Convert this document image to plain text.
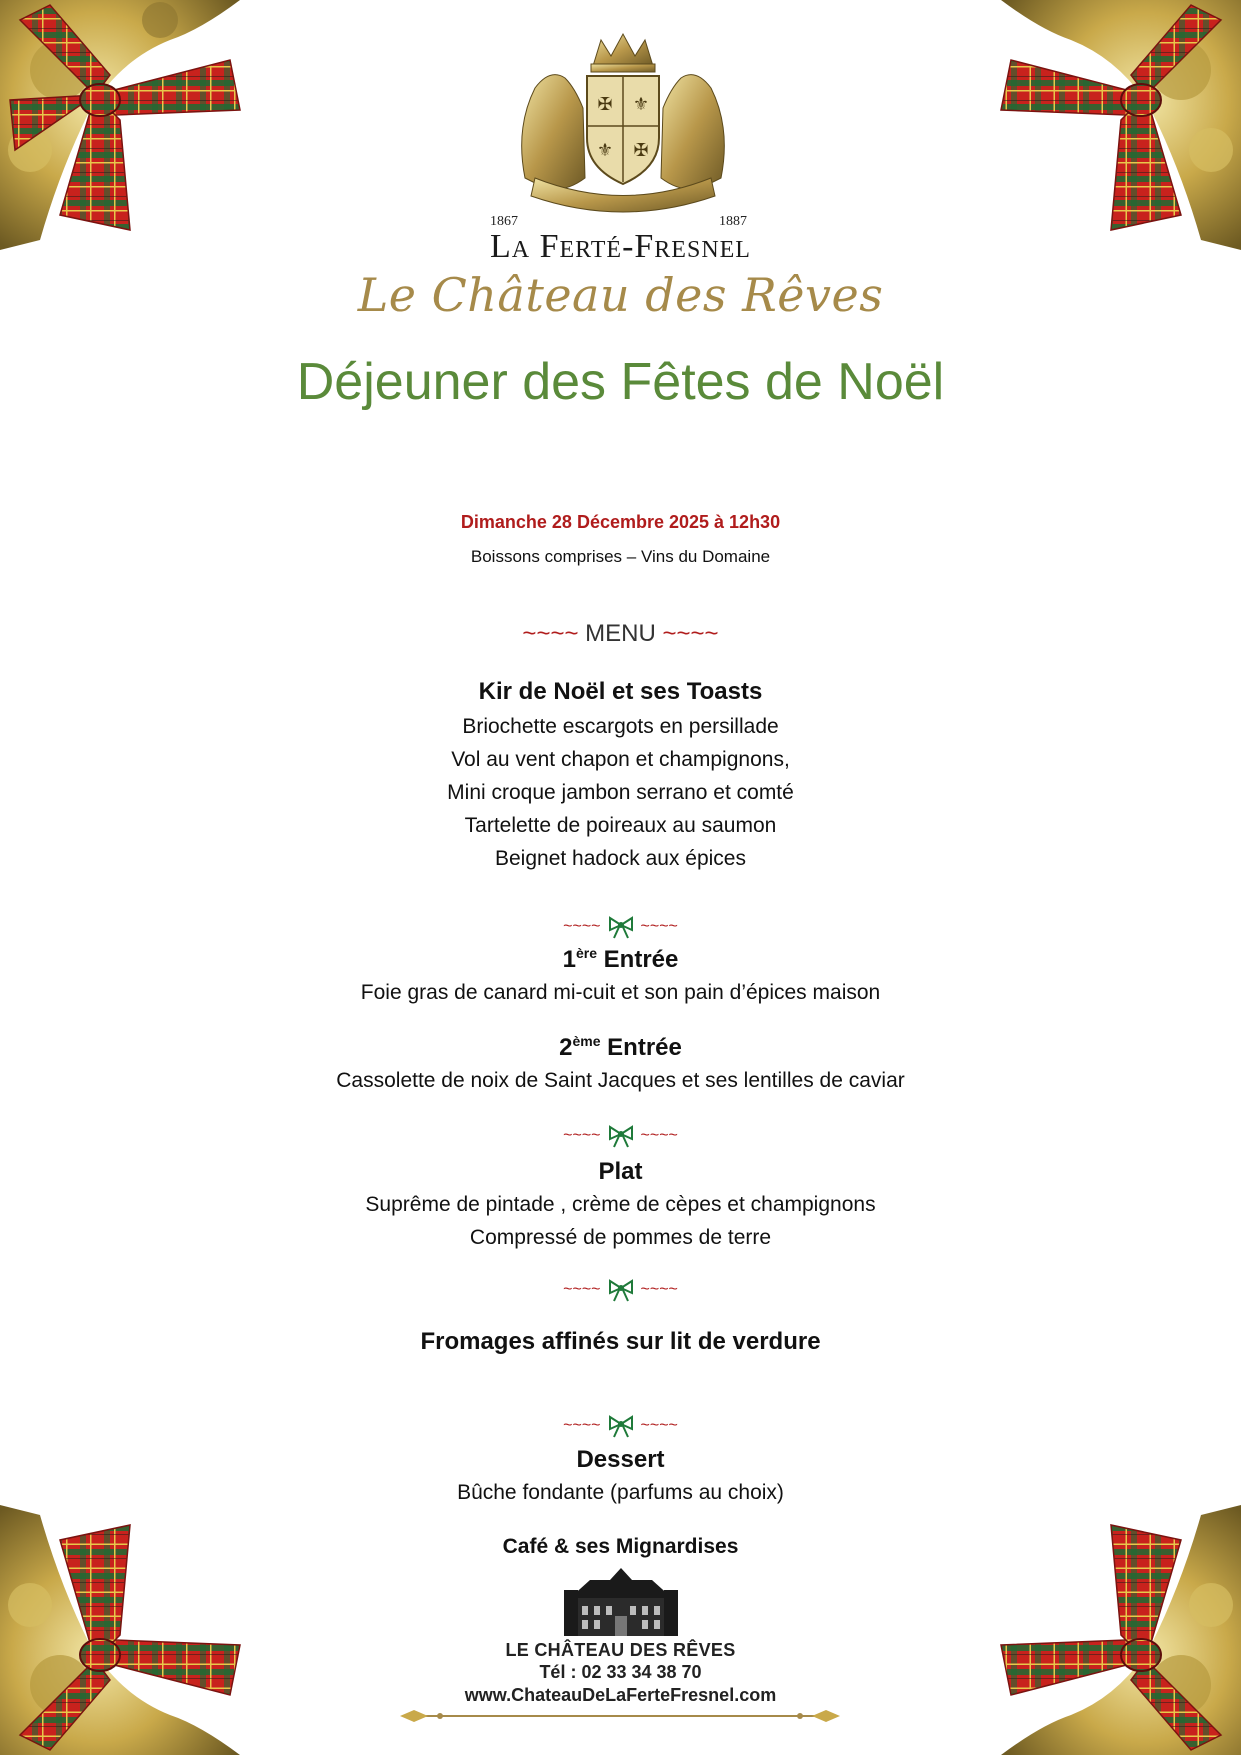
✠ ⚜
⚜ ✠
1867	1887
La Ferté-Fresnel
Le Château des Rêves
Déjeuner des Fêtes de Noël
Dimanche 28 Décembre 2025 à 12h30
Boissons comprises – Vins du Domaine
~~~~ MENU ~~~~
Kir de Noël et ses Toasts
Briochette escargots en persillade
Vol au vent chapon et champignons,
Mini croque jambon serrano et comté
Tartelette de poireaux au saumon
Beignet hadock aux épices
~~~~	~~~~
1ère Entrée
Foie gras de canard mi-cuit et son pain d’épices maison
2ème Entrée
Cassolette de noix de Saint Jacques et ses lentilles de caviar
~~~~	~~~~
Plat
Suprême de pintade , crème de cèpes et champignons
Compressé de pommes de terre
~~~~	~~~~
Fromages affinés sur lit de verdure
~~~~	~~~~
Dessert
Bûche fondante (parfums au choix)
Café & ses Mignardises
LE CHÂTEAU DES RÊVES
Tél : 02 33 34 38 70
www.ChateauDeLaFerteFresnel.com
